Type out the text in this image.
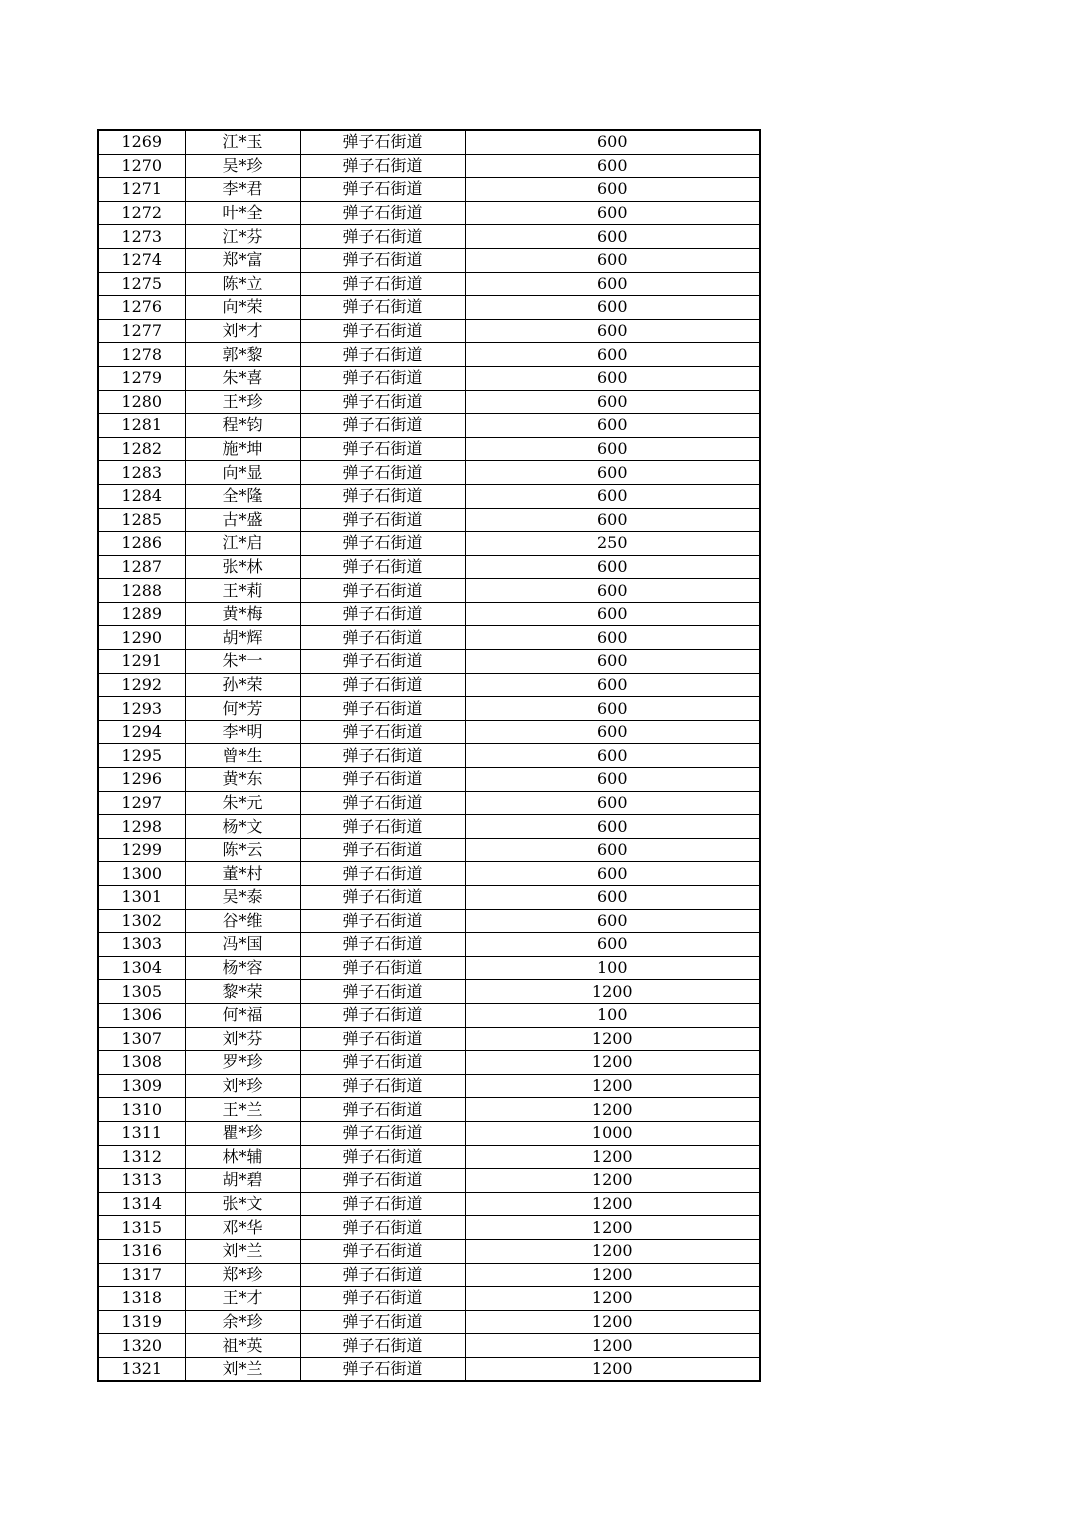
1269	江*玉	弹子石街道	600
1270	吴*珍	弹子石街道	600
1271	李*君	弹子石街道	600
1272	叶*全	弹子石街道	600
1273	江*芬	弹子石街道	600
1274	郑*富	弹子石街道	600
1275	陈*立	弹子石街道	600
1276	向*荣	弹子石街道	600
1277	刘*才	弹子石街道	600
1278	郭*黎	弹子石街道	600
1279	朱*喜	弹子石街道	600
1280	王*珍	弹子石街道	600
1281	程*钧	弹子石街道	600
1282	施*坤	弹子石街道	600
1283	向*显	弹子石街道	600
1284	全*隆	弹子石街道	600
1285	古*盛	弹子石街道	600
1286	江*启	弹子石街道	250
1287	张*林	弹子石街道	600
1288	王*莉	弹子石街道	600
1289	黄*梅	弹子石街道	600
1290	胡*辉	弹子石街道	600
1291	朱*一	弹子石街道	600
1292	孙*荣	弹子石街道	600
1293	何*芳	弹子石街道	600
1294	李*明	弹子石街道	600
1295	曾*生	弹子石街道	600
1296	黄*东	弹子石街道	600
1297	朱*元	弹子石街道	600
1298	杨*文	弹子石街道	600
1299	陈*云	弹子石街道	600
1300	董*村	弹子石街道	600
1301	吴*泰	弹子石街道	600
1302	谷*维	弹子石街道	600
1303	冯*国	弹子石街道	600
1304	杨*容	弹子石街道	100
1305	黎*荣	弹子石街道	1200
1306	何*福	弹子石街道	100
1307	刘*芬	弹子石街道	1200
1308	罗*珍	弹子石街道	1200
1309	刘*珍	弹子石街道	1200
1310	王*兰	弹子石街道	1200
1311	瞿*珍	弹子石街道	1000
1312	林*辅	弹子石街道	1200
1313	胡*碧	弹子石街道	1200
1314	张*文	弹子石街道	1200
1315	邓*华	弹子石街道	1200
1316	刘*兰	弹子石街道	1200
1317	郑*珍	弹子石街道	1200
1318	王*才	弹子石街道	1200
1319	余*珍	弹子石街道	1200
1320	祖*英	弹子石街道	1200
1321	刘*兰	弹子石街道	1200
